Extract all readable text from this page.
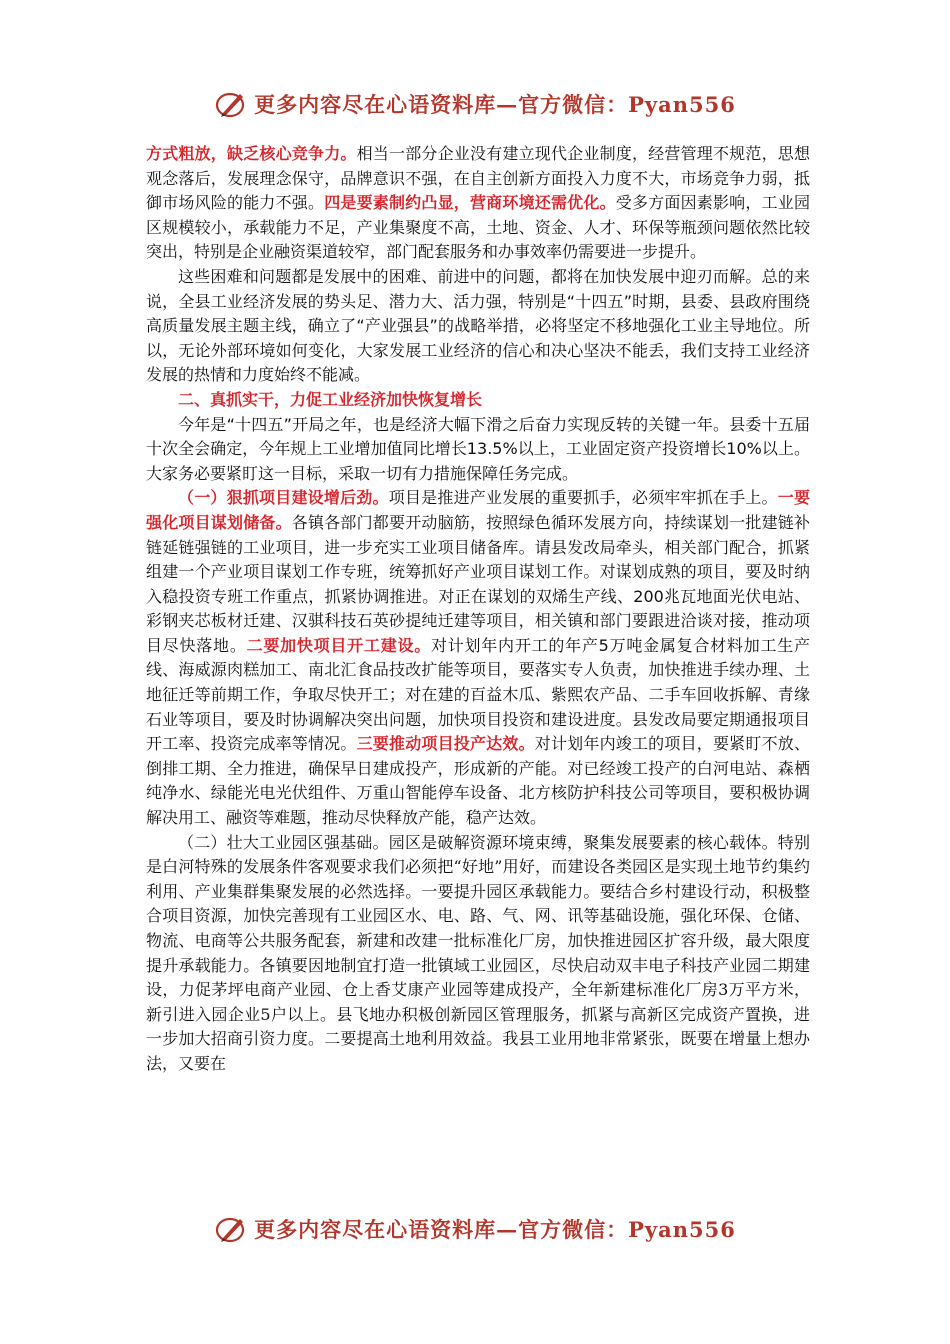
更多内容尽在心语资料库—官方微信：Pyan556

方式粗放，缺乏核心竞争力。相当一部分企业没有建立现代企业制度，经营管理不规范，思想观念落后，发展理念保守，品牌意识不强，在自主创新方面投入力度不大，市场竞争力弱，抵御市场风险的能力不强。四是要素制约凸显，营商环境还需优化。受多方面因素影响，工业园区规模较小，承载能力不足，产业集聚度不高，土地、资金、人才、环保等瓶颈问题依然比较突出，特别是企业融资渠道较窄，部门配套服务和办事效率仍需要进一步提升。

这些困难和问题都是发展中的困难、前进中的问题，都将在加快发展中迎刃而解。总的来说，全县工业经济发展的势头足、潜力大、活力强，特别是“十四五”时期，县委、县政府围绕高质量发展主题主线，确立了“产业强县”的战略举措，必将坚定不移地强化工业主导地位。所以，无论外部环境如何变化，大家发展工业经济的信心和决心坚决不能丢，我们支持工业经济发展的热情和力度始终不能减。

二、真抓实干，力促工业经济加快恢复增长

今年是“十四五”开局之年，也是经济大幅下滑之后奋力实现反转的关键一年。县委十五届十次全会确定，今年规上工业增加值同比增长13.5%以上，工业固定资产投资增长10%以上。大家务必要紧盯这一目标，采取一切有力措施保障任务完成。

（一）狠抓项目建设增后劲。项目是推进产业发展的重要抓手，必须牢牢抓在手上。一要强化项目谋划储备。各镇各部门都要开动脑筋，按照绿色循环发展方向，持续谋划一批建链补链延链强链的工业项目，进一步充实工业项目储备库。请县发改局牵头，相关部门配合，抓紧组建一个产业项目谋划工作专班，统筹抓好产业项目谋划工作。对谋划成熟的项目，要及时纳入稳投资专班工作重点，抓紧协调推进。对正在谋划的双烯生产线、200兆瓦地面光伏电站、彩钢夹芯板材迁建、汉骐科技石英砂提纯迁建等项目，相关镇和部门要跟进洽谈对接，推动项目尽快落地。二要加快项目开工建设。对计划年内开工的年产5万吨金属复合材料加工生产线、海威源肉糕加工、南北汇食品技改扩能等项目，要落实专人负责，加快推进手续办理、土地征迁等前期工作，争取尽快开工；对在建的百益木瓜、紫熙农产品、二手车回收拆解、青缘石业等项目，要及时协调解决突出问题，加快项目投资和建设进度。县发改局要定期通报项目开工率、投资完成率等情况。三要推动项目投产达效。对计划年内竣工的项目，要紧盯不放、倒排工期、全力推进，确保早日建成投产，形成新的产能。对已经竣工投产的白河电站、森栖纯净水、绿能光电光伏组件、万重山智能停车设备、北方核防护科技公司等项目，要积极协调解决用工、融资等难题，推动尽快释放产能，稳产达效。

（二）壮大工业园区强基础。园区是破解资源环境束缚，聚集发展要素的核心载体。特别是白河特殊的发展条件客观要求我们必须把“好地”用好，而建设各类园区是实现土地节约集约利用、产业集群集聚发展的必然选择。一要提升园区承载能力。要结合乡村建设行动，积极整合项目资源，加快完善现有工业园区水、电、路、气、网、讯等基础设施，强化环保、仓储、物流、电商等公共服务配套，新建和改建一批标准化厂房，加快推进园区扩容升级，最大限度提升承载能力。各镇要因地制宜打造一批镇域工业园区，尽快启动双丰电子科技产业园二期建设，力促茅坪电商产业园、仓上香艾康产业园等建成投产，全年新建标准化厂房3万平方米，新引进入园企业5户以上。县飞地办积极创新园区管理服务，抓紧与高新区完成资产置换，进一步加大招商引资力度。二要提高土地利用效益。我县工业用地非常紧张，既要在增量上想办法，又要在

更多内容尽在心语资料库—官方微信：Pyan556
